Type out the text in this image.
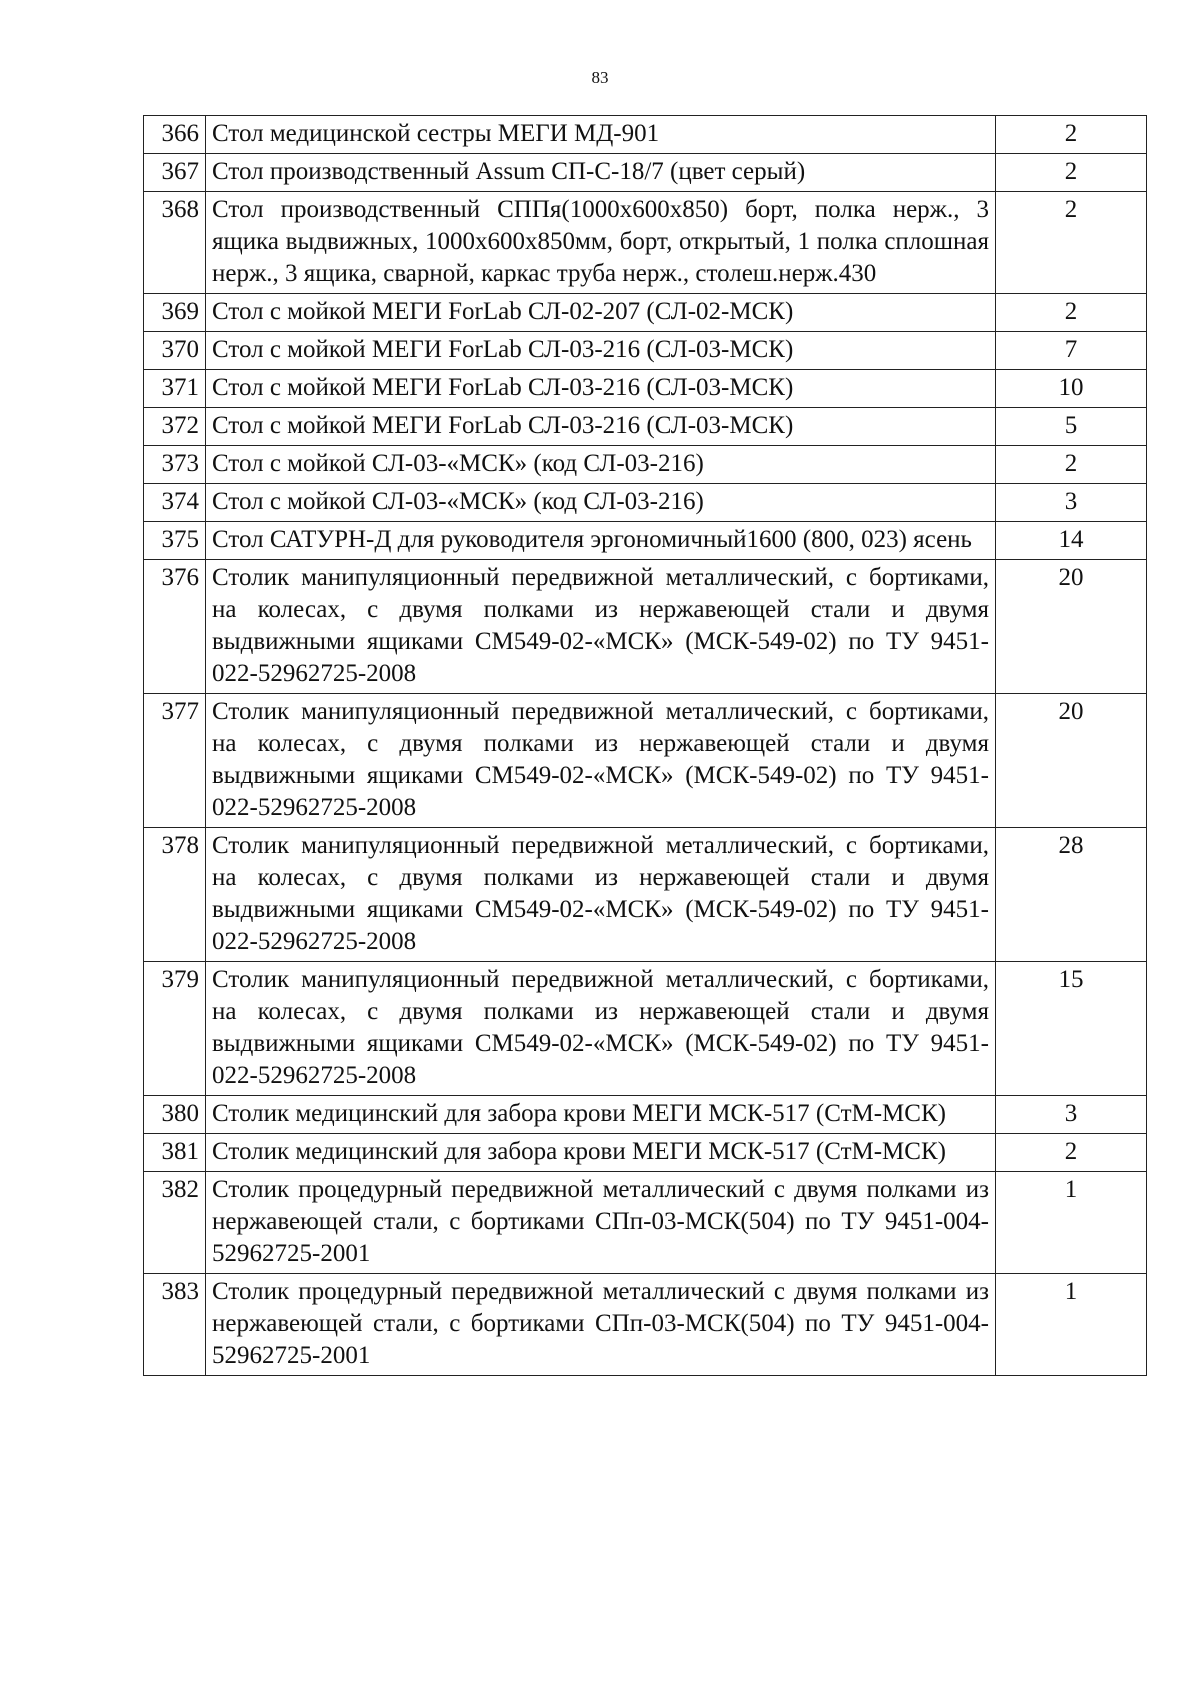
83
366	Стол медицинской сестры МЕГИ МД-901	2
367	Стол производственный Assum СП-С-18/7 (цвет серый)	2
368	Стол производственный СППя(1000х600х850) борт, полка нерж., 3 ящика выдвижных, 1000х600х850мм, борт, открытый, 1 полка сплошная нерж., 3 ящика, сварной, каркас труба нерж., столеш.нерж.430	2
369	Стол с мойкой МЕГИ ForLab СЛ-02-207 (СЛ-02-МСК)	2
370	Стол с мойкой МЕГИ ForLab СЛ-03-216 (СЛ-03-МСК)	7
371	Стол с мойкой МЕГИ ForLab СЛ-03-216 (СЛ-03-МСК)	10
372	Стол с мойкой МЕГИ ForLab СЛ-03-216 (СЛ-03-МСК)	5
373	Стол с мойкой СЛ-03-«МСК» (код СЛ-03-216)	2
374	Стол с мойкой СЛ-03-«МСК» (код СЛ-03-216)	3
375	Стол САТУРН-Д для руководителя эргономичный1600 (800, 023) ясень	14
376	Столик манипуляционный передвижной металлический, с бортиками, на колесах, с двумя полками из нержавеющей стали и двумя выдвижными ящиками СМ549-02-«МСК» (МСК-549-02) по ТУ 9451-022-52962725-2008	20
377	Столик манипуляционный передвижной металлический, с бортиками, на колесах, с двумя полками из нержавеющей стали и двумя выдвижными ящиками СМ549-02-«МСК» (МСК-549-02) по ТУ 9451-022-52962725-2008	20
378	Столик манипуляционный передвижной металлический, с бортиками, на колесах, с двумя полками из нержавеющей стали и двумя выдвижными ящиками СМ549-02-«МСК» (МСК-549-02) по ТУ 9451-022-52962725-2008	28
379	Столик манипуляционный передвижной металлический, с бортиками, на колесах, с двумя полками из нержавеющей стали и двумя выдвижными ящиками СМ549-02-«МСК» (МСК-549-02) по ТУ 9451-022-52962725-2008	15
380	Столик медицинский для забора крови МЕГИ МСК-517 (СтМ-МСК)	3
381	Столик медицинский для забора крови МЕГИ МСК-517 (СтМ-МСК)	2
382	Столик процедурный передвижной металлический с двумя полками из нержавеющей стали, с бортиками СПп-03-МСК(504) по ТУ 9451-004-52962725-2001	1
383	Столик процедурный передвижной металлический с двумя полками из нержавеющей стали, с бортиками СПп-03-МСК(504) по ТУ 9451-004-52962725-2001	1
